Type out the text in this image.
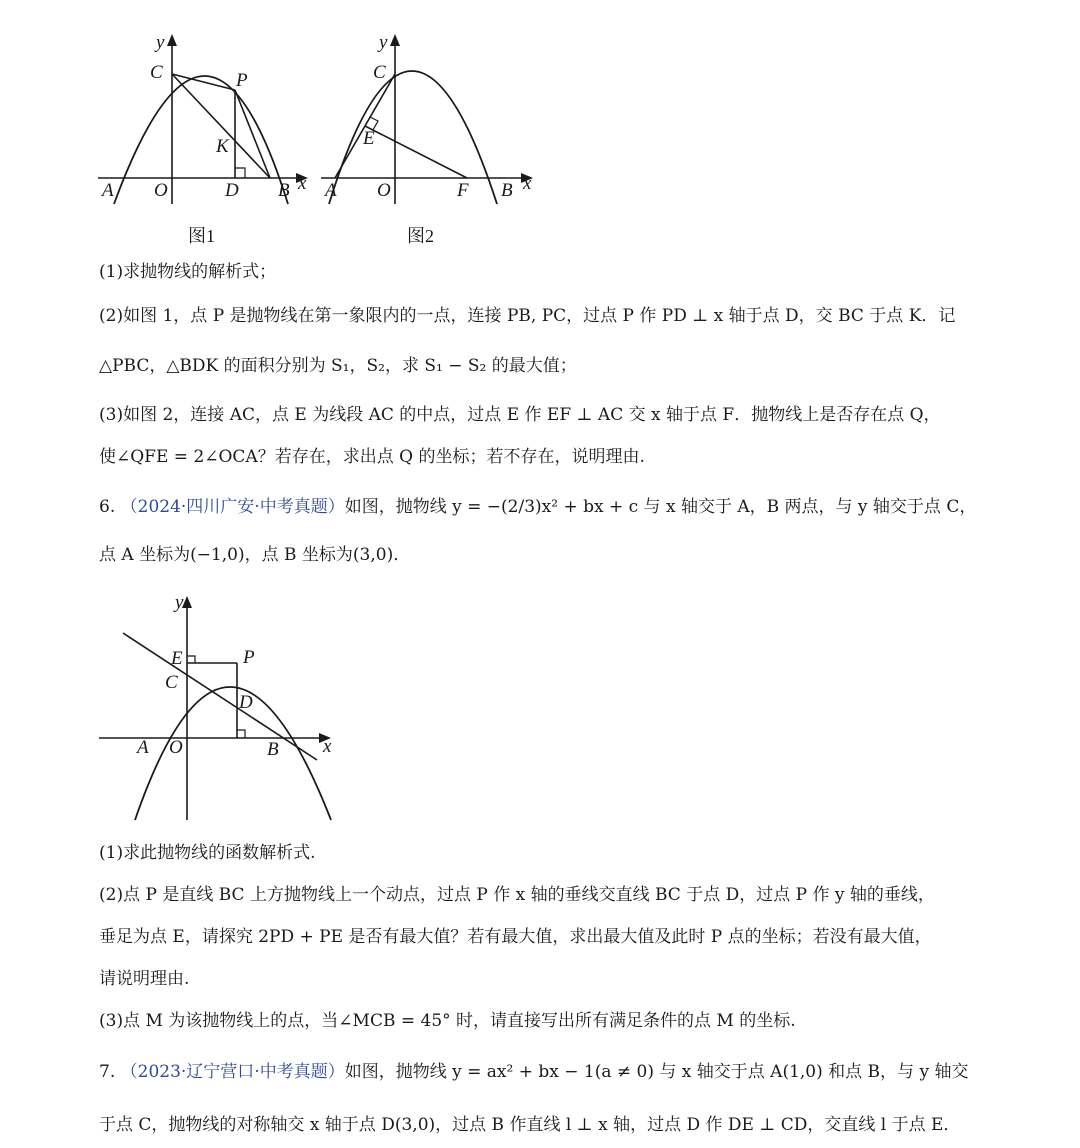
y
x
C	P
K
A O	D B
图1
y
x
C
E
A O	F B
图2
(1)求抛物线的解析式；
(2)如图 1，点 P 是抛物线在第一象限内的一点，连接 PB, PC，过点 P 作 PD ⊥ x 轴于点 D，交 BC 于点 K．记
△PBC，△BDK 的面积分别为 S₁，S₂，求 S₁ − S₂ 的最大值；
(3)如图 2，连接 AC，点 E 为线段 AC 的中点，过点 E 作 EF ⊥ AC 交 x 轴于点 F．抛物线上是否存在点 Q，
使∠QFE = 2∠OCA？若存在，求出点 Q 的坐标；若不存在，说明理由.
6. （2024·四川广安·中考真题）如图，抛物线 y = −(2/3)x² + bx + c 与 x 轴交于 A，B 两点，与 y 轴交于点 C，
点 A 坐标为(−1,0)，点 B 坐标为(3,0)．
y
x
E	P
C
D
A O	B
(1)求此抛物线的函数解析式.
(2)点 P 是直线 BC 上方抛物线上一个动点，过点 P 作 x 轴的垂线交直线 BC 于点 D，过点 P 作 y 轴的垂线，
垂足为点 E，请探究 2PD + PE 是否有最大值？若有最大值，求出最大值及此时 P 点的坐标；若没有最大值，
请说明理由.
(3)点 M 为该抛物线上的点，当∠MCB = 45° 时，请直接写出所有满足条件的点 M 的坐标.
7. （2023·辽宁营口·中考真题）如图，抛物线 y = ax² + bx − 1(a ≠ 0) 与 x 轴交于点 A(1,0) 和点 B，与 y 轴交
于点 C，抛物线的对称轴交 x 轴于点 D(3,0)，过点 B 作直线 l ⊥ x 轴，过点 D 作 DE ⊥ CD，交直线 l 于点 E．
